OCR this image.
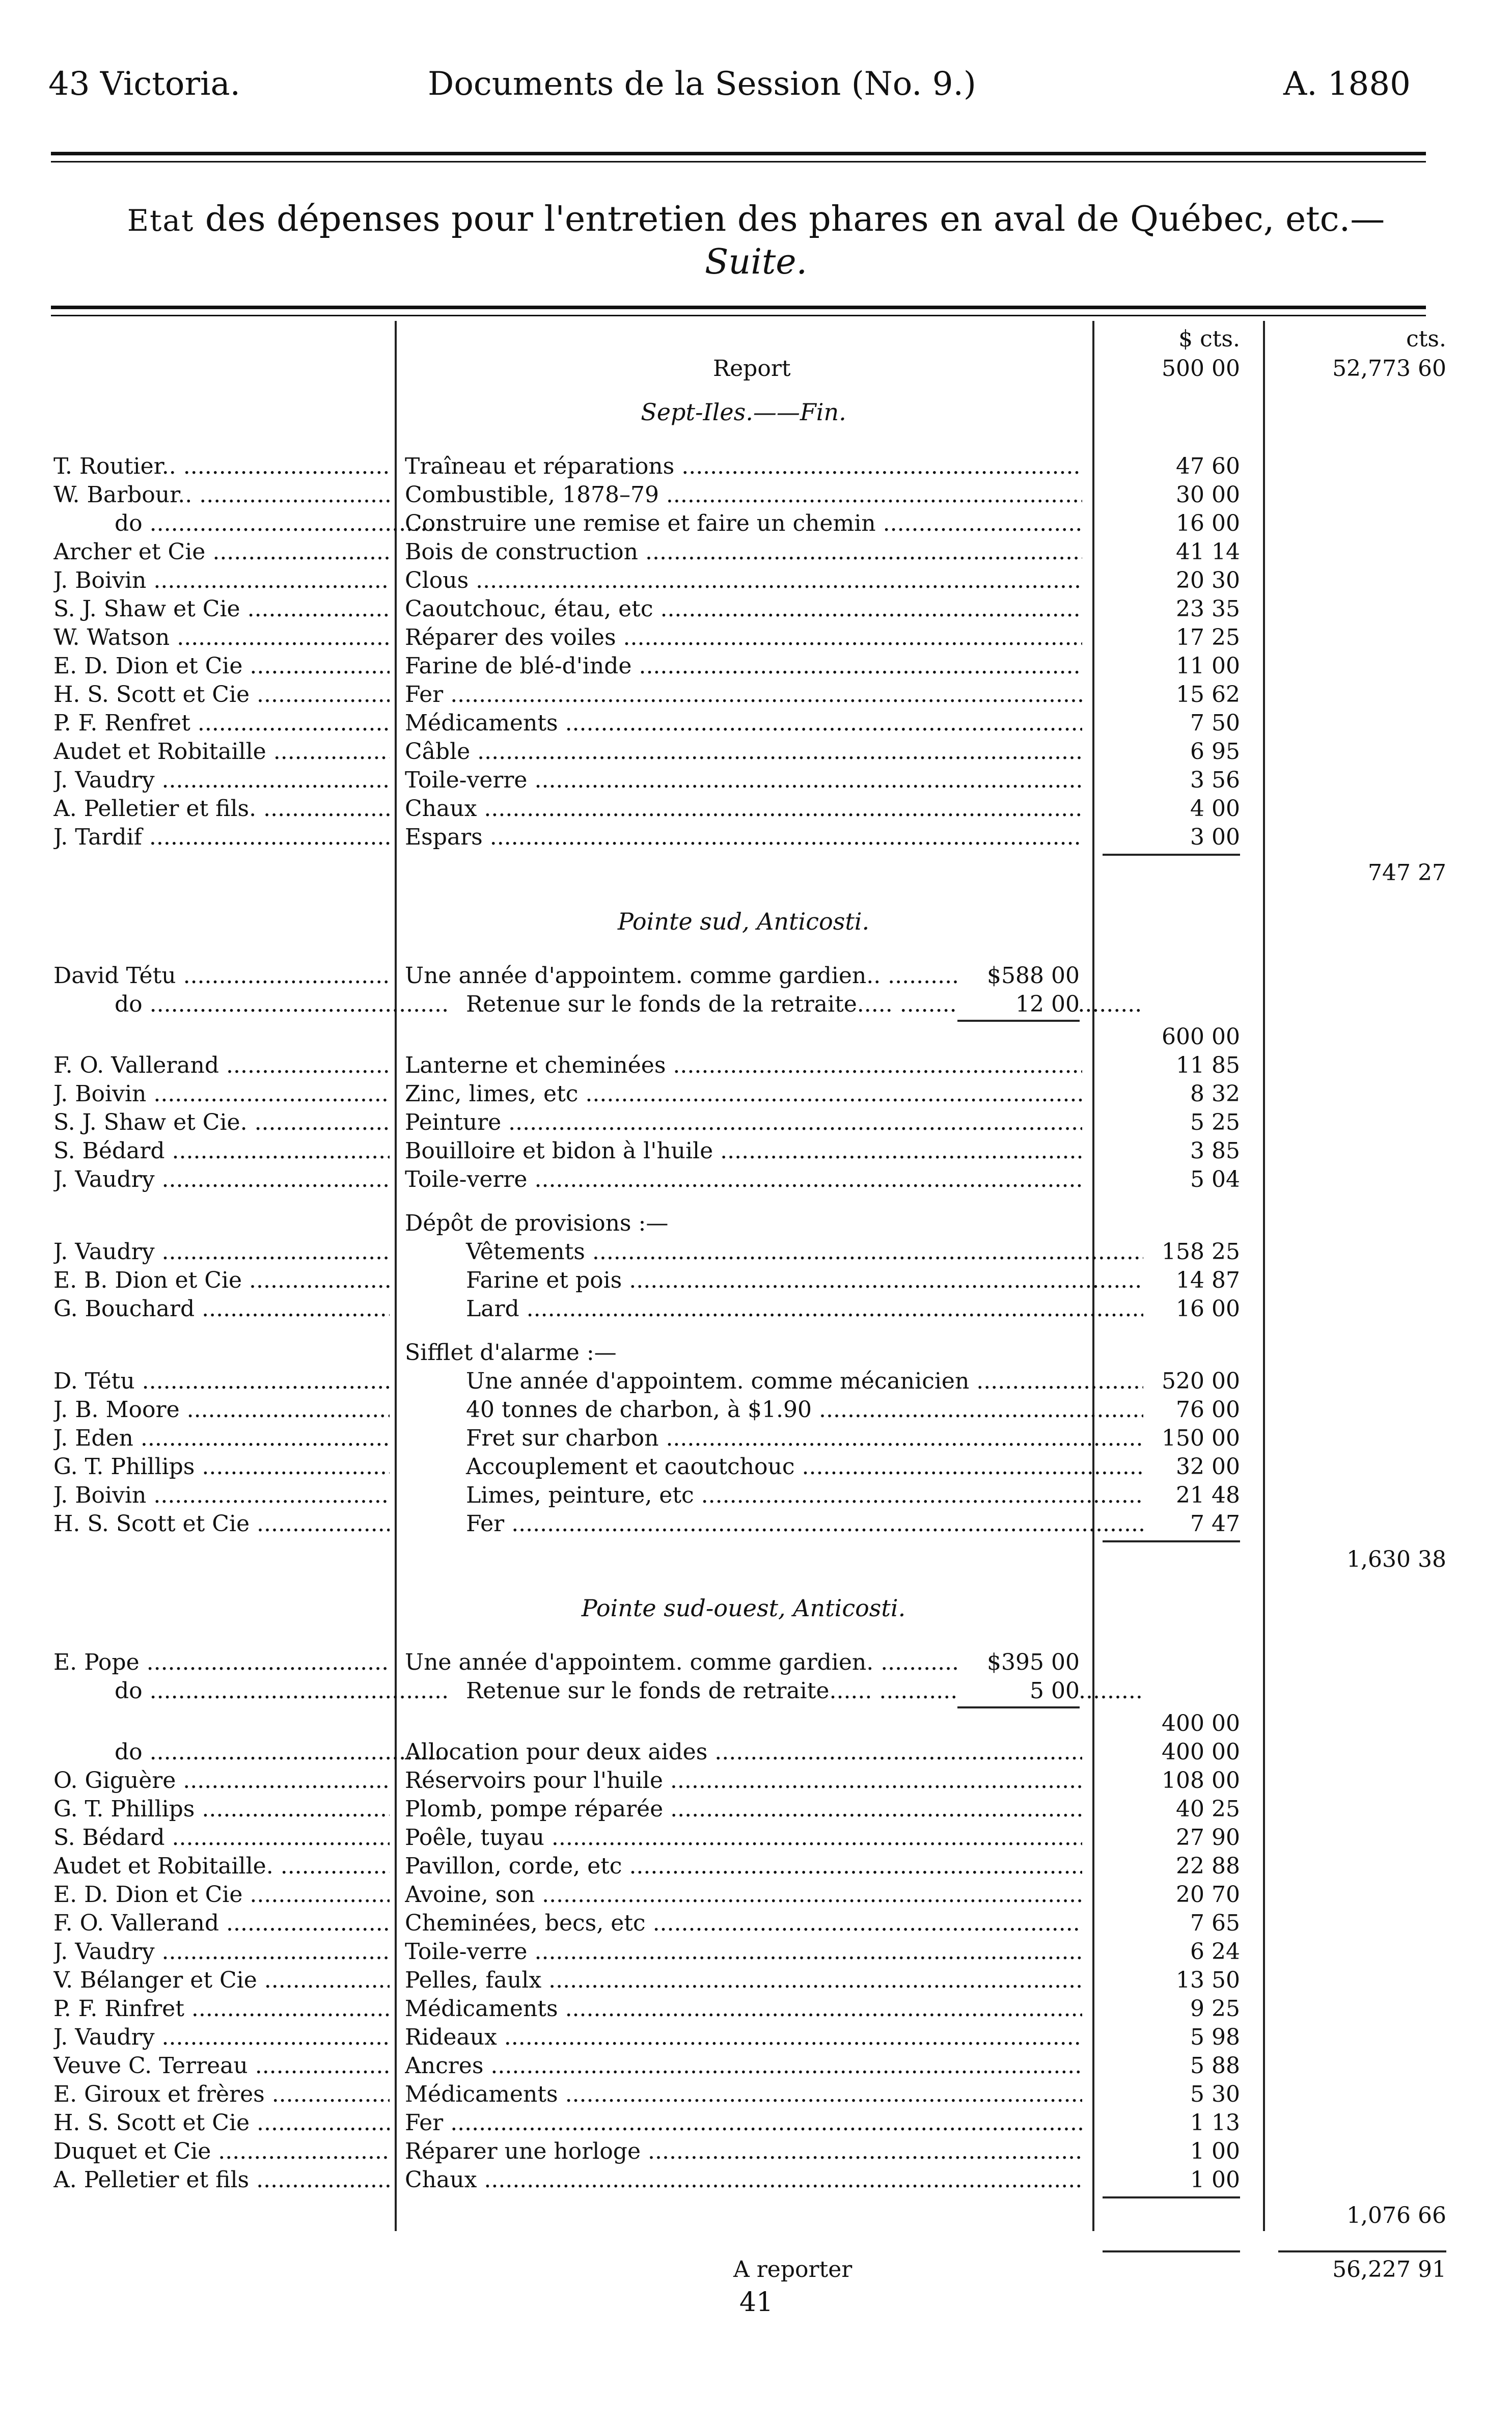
43 Victoria.	Documents de la Session (No. 9.)	A. 1880
Etat des dépenses pour l'entretien des phares en aval de Québec, etc.—
Suite.
$ cts.	cts.
500 00	52,773 60
Report
Sept-Iles.——Fin.
T. Routier.. .....	Traîneau et réparations .....	47 60
W. Barbour.. .....	Combustible, 1878–79 .....	30 00
do .....	Construire une remise et faire un chemin .....	16 00
Archer et Cie .....	Bois de construction .....	41 14
J. Boivin .....	Clous .....	20 30
S. J. Shaw et Cie .....	Caoutchouc, étau, etc .....	23 35
W. Watson .....	Réparer des voiles .....	17 25
E. D. Dion et Cie .....	Farine de blé-d'inde .....	11 00
H. S. Scott et Cie .....	Fer .....	15 62
P. F. Renfret .....	Médicaments .....	7 50
Audet et Robitaille .....	Câble .....	6 95
J. Vaudry .....	Toile-verre .....	3 56
A. Pelletier et fils. .....	Chaux .....	4 00
J. Tardif .....	Espars .....	3 00
747 27
Pointe sud, Anticosti.
David Tétu .....	Une année d'appointem. comme gardien.. .....	$588 00
do .....	Retenue sur le fonds de la retraite..... .....	12 00
600 00
F. O. Vallerand .....	Lanterne et cheminées .....	11 85
J. Boivin .....	Zinc, limes, etc .....	8 32
S. J. Shaw et Cie. .....	Peinture .....	5 25
S. Bédard .....	Bouilloire et bidon à l'huile .....	3 85
J. Vaudry .....	Toile-verre .....	5 04
Dépôt de provisions :—
J. Vaudry .....	Vêtements .....	158 25
E. B. Dion et Cie .....	Farine et pois .....	14 87
G. Bouchard .....	Lard .....	16 00
Sifflet d'alarme :—
D. Tétu .....	Une année d'appointem. comme mécanicien .....	520 00
J. B. Moore .....	40 tonnes de charbon, à $1.90 .....	76 00
J. Eden .....	Fret sur charbon .....	150 00
G. T. Phillips .....	Accouplement et caoutchouc .....	32 00
J. Boivin .....	Limes, peinture, etc .....	21 48
H. S. Scott et Cie .....	Fer .....	7 47
1,630 38
Pointe sud-ouest, Anticosti.
E. Pope .....	Une année d'appointem. comme gardien. .....	$395 00
do .....	Retenue sur le fonds de retraite...... .....	5 00
400 00
do .....	Allocation pour deux aides .....	400 00
O. Giguère .....	Réservoirs pour l'huile .....	108 00
G. T. Phillips .....	Plomb, pompe réparée .....	40 25
S. Bédard .....	Poêle, tuyau .....	27 90
Audet et Robitaille. .....	Pavillon, corde, etc .....	22 88
E. D. Dion et Cie .....	Avoine, son .....	20 70
F. O. Vallerand .....	Cheminées, becs, etc .....	7 65
J. Vaudry .....	Toile-verre .....	6 24
V. Bélanger et Cie .....	Pelles, faulx .....	13 50
P. F. Rinfret .....	Médicaments .....	9 25
J. Vaudry .....	Rideaux .....	5 98
Veuve C. Terreau .....	Ancres .....	5 88
E. Giroux et frères .....	Médicaments .....	5 30
H. S. Scott et Cie .....	Fer .....	1 13
Duquet et Cie .....	Réparer une horloge .....	1 00
A. Pelletier et fils .....	Chaux .....	1 00
1,076 66
56,227 91
A reporter
41
